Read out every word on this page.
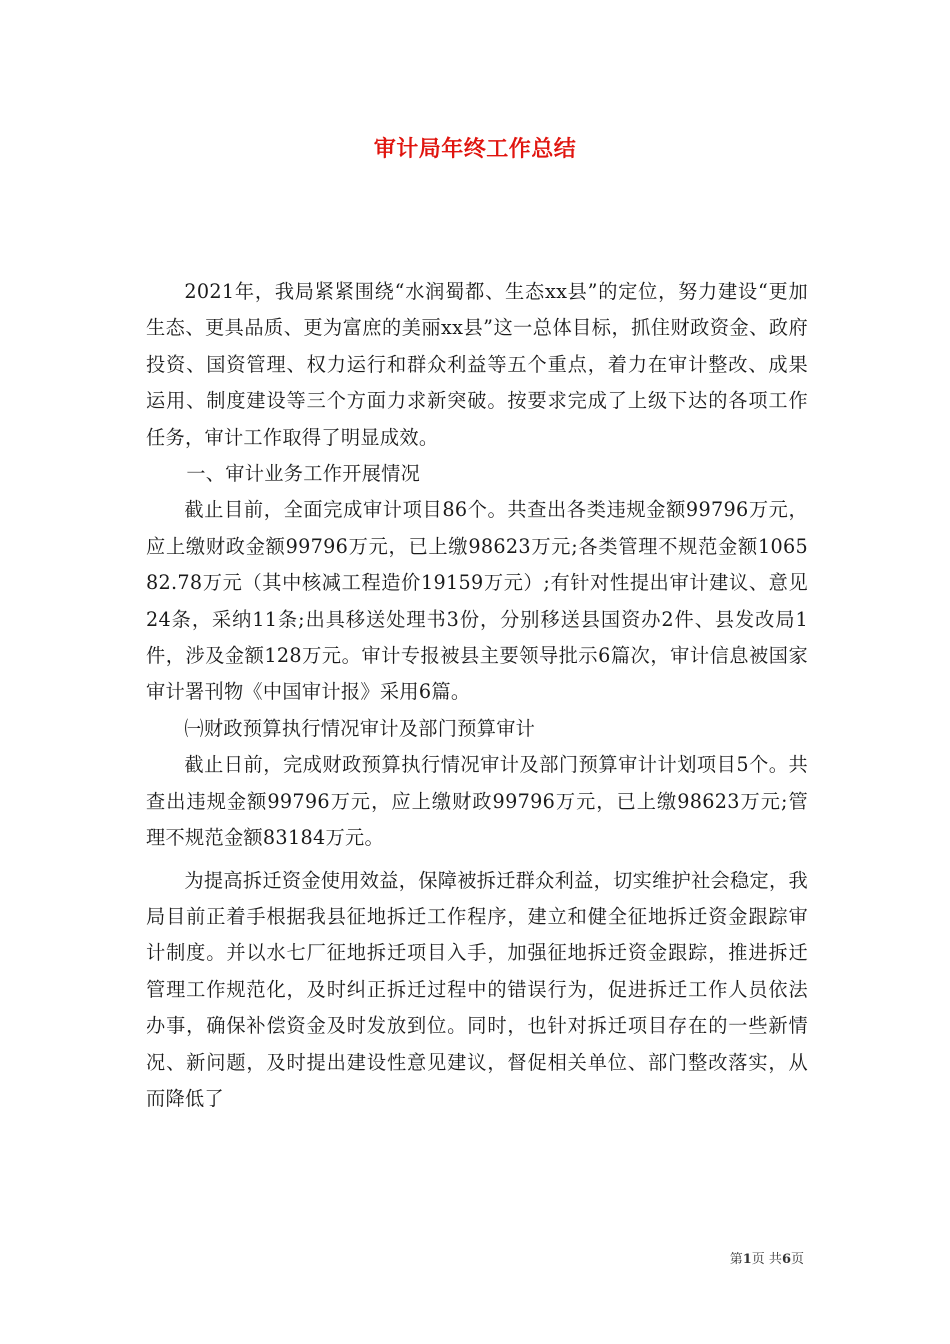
审计局年终工作总结

2021年，我局紧紧围绕“水润蜀都、生态xx县”的定位，努力建设“更加生态、更具品质、更为富庶的美丽xx县”这一总体目标，抓住财政资金、政府投资、国资管理、权力运行和群众利益等五个重点，着力在审计整改、成果运用、制度建设等三个方面力求新突破。按要求完成了上级下达的各项工作任务，审计工作取得了明显成效。

一、审计业务工作开展情况

截止目前，全面完成审计项目86个。共查出各类违规金额99796万元，应上缴财政金额99796万元，已上缴98623万元;各类管理不规范金额106582.78万元（其中核减工程造价19159万元）;有针对性提出审计建议、意见24条，采纳11条;出具移送处理书3份，分别移送县国资办2件、县发改局1件，涉及金额128万元。审计专报被县主要领导批示6篇次，审计信息被国家审计署刊物《中国审计报》采用6篇。

㈠财政预算执行情况审计及部门预算审计

截止日前，完成财政预算执行情况审计及部门预算审计计划项目5个。共查出违规金额99796万元，应上缴财政99796万元，已上缴98623万元;管理不规范金额83184万元。

为提高拆迁资金使用效益，保障被拆迁群众利益，切实维护社会稳定，我局目前正着手根据我县征地拆迁工作程序，建立和健全征地拆迁资金跟踪审计制度。并以水七厂征地拆迁项目入手，加强征地拆迁资金跟踪，推进拆迁管理工作规范化，及时纠正拆迁过程中的错误行为，促进拆迁工作人员依法办事，确保补偿资金及时发放到位。同时，也针对拆迁项目存在的一些新情况、新问题，及时提出建设性意见建议，督促相关单位、部门整改落实，从而降低了

第1页 共6页
